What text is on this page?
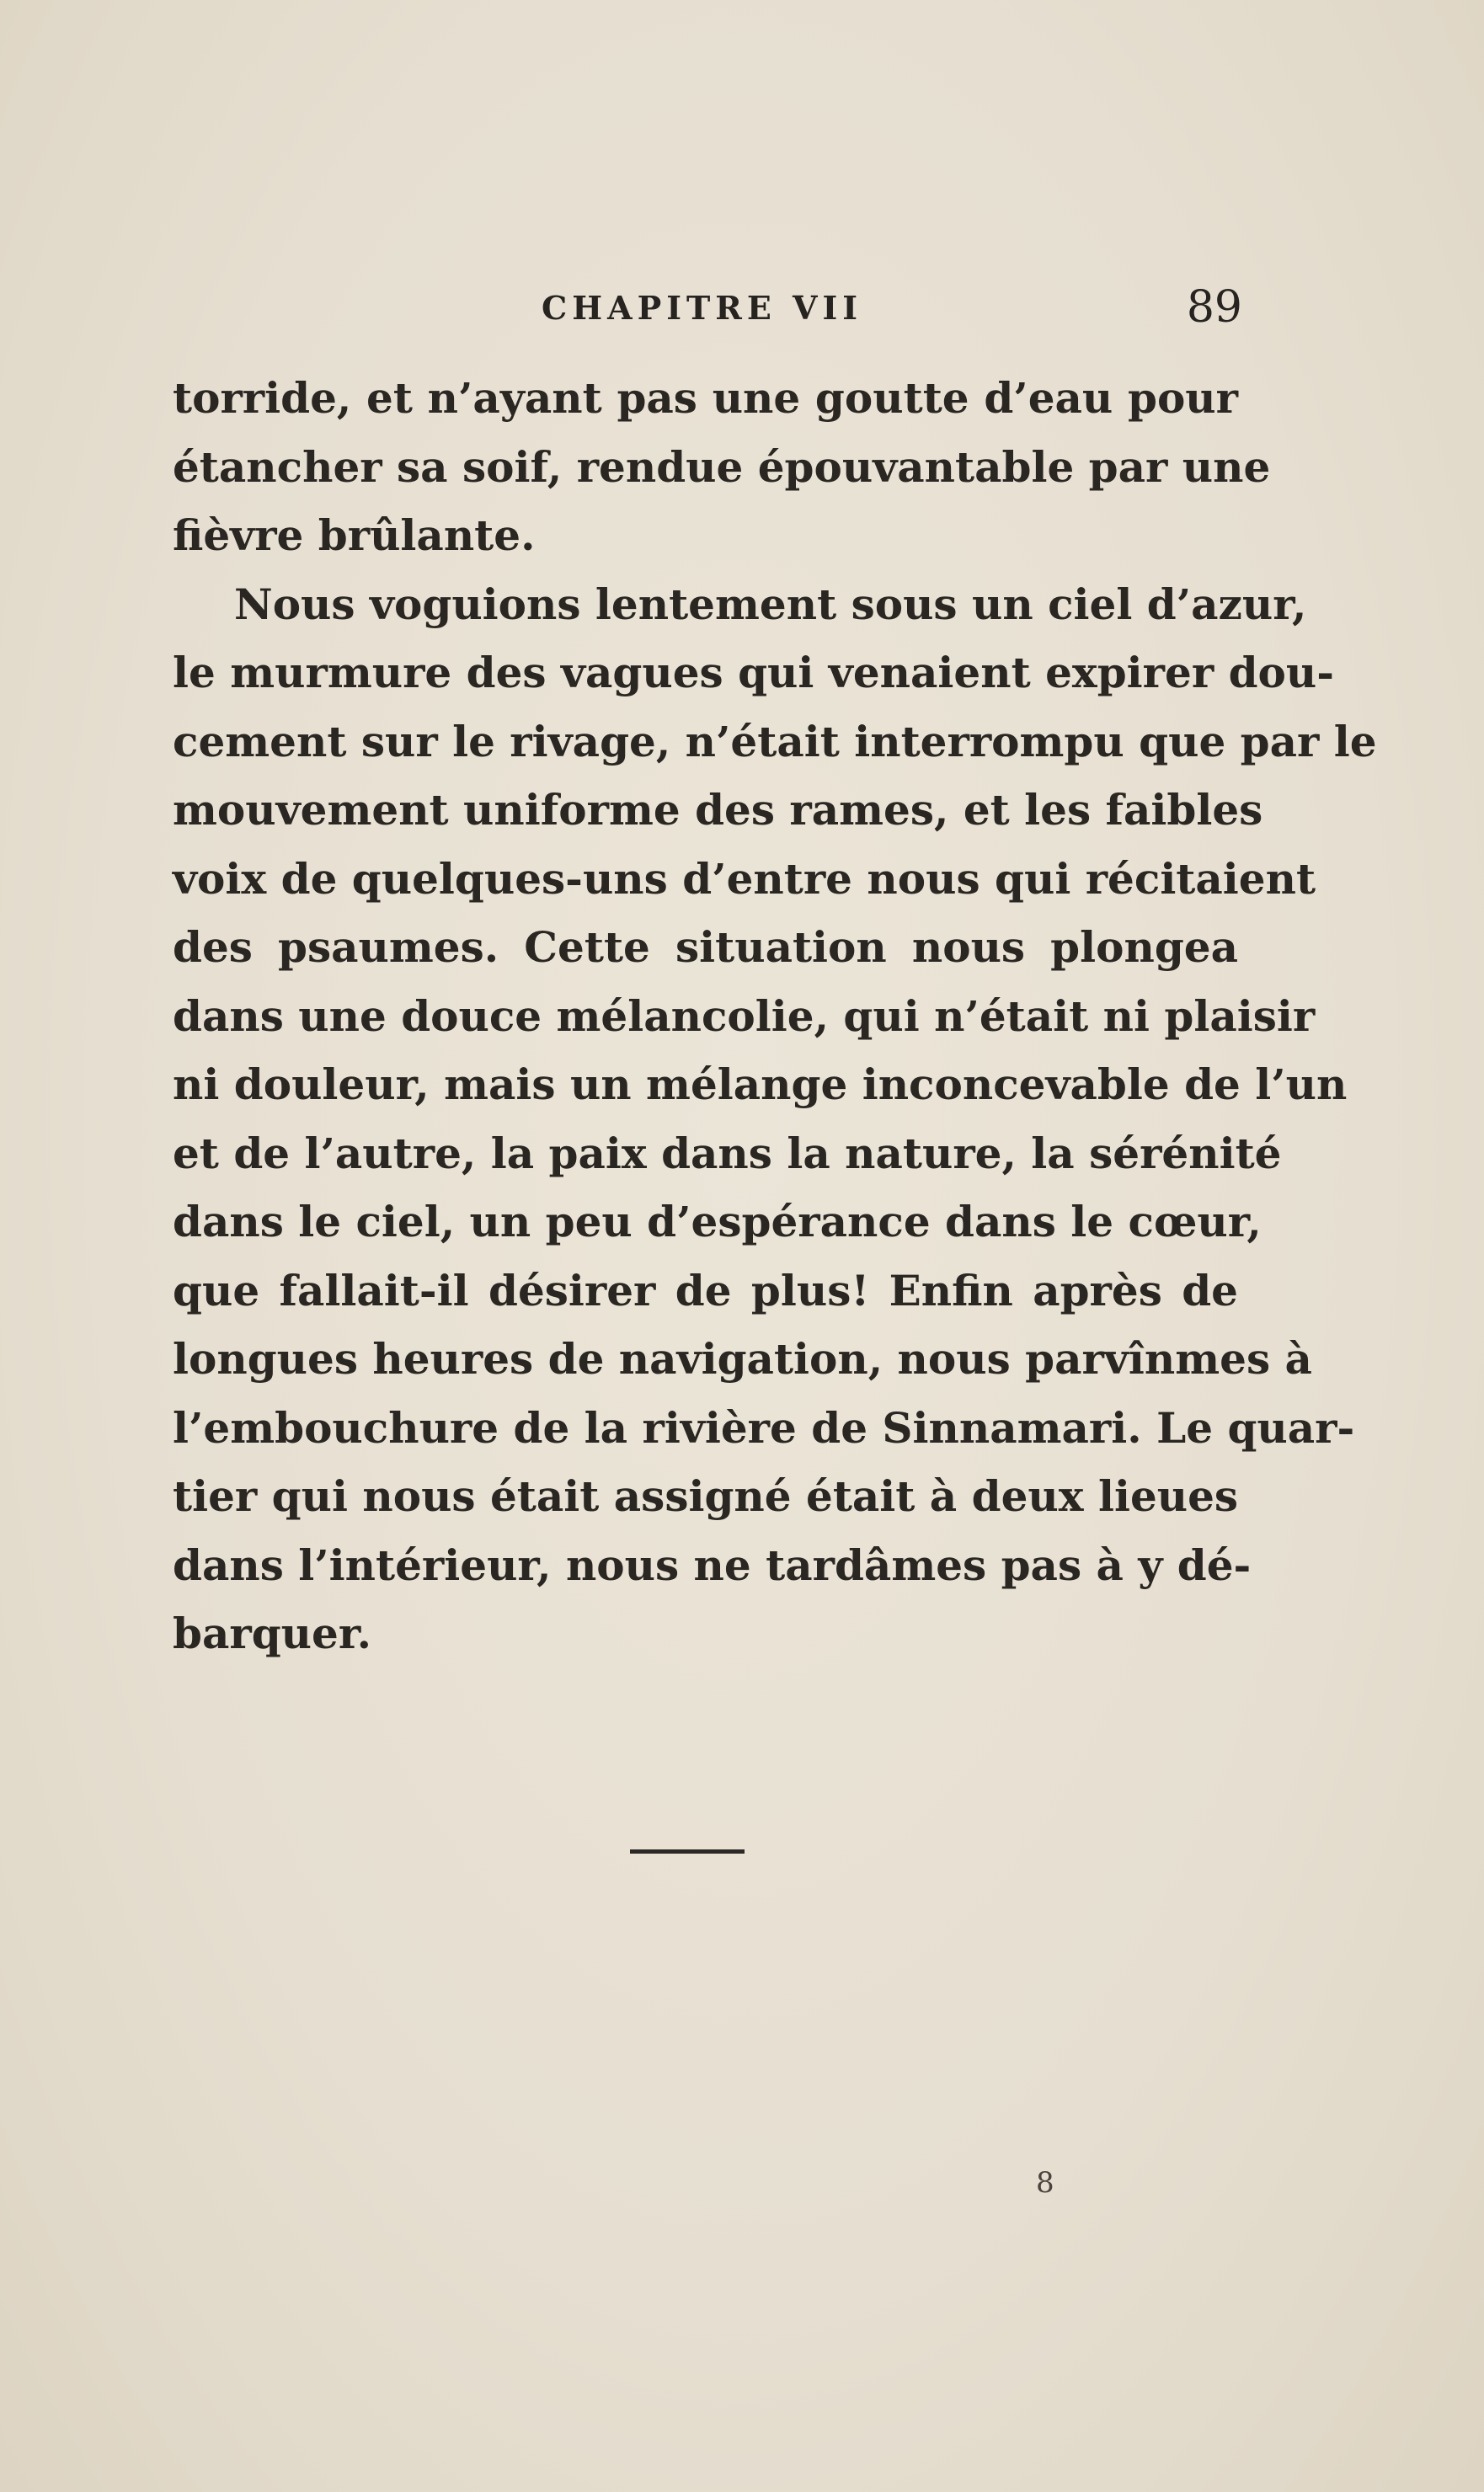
CHAPITRE VII	89
torride, et n’ayant pas une goutte d’eau pour
étancher sa soif, rendue épouvantable par une
fièvre brûlante.
Nous voguions lentement sous un ciel d’azur,
le murmure des vagues qui venaient expirer dou-
cement sur le rivage, n’était interrompu que par le
mouvement uniforme des rames, et les faibles
voix de quelques-uns d’entre nous qui récitaient
des psaumes. Cette situation nous plongea
dans une douce mélancolie, qui n’était ni plaisir
ni douleur, mais un mélange inconcevable de l’un
et de l’autre, la paix dans la nature, la sérénité
dans le ciel, un peu d’espérance dans le cœur,
que fallait-il désirer de plus! Enfin après de
longues heures de navigation, nous parvînmes à
l’embouchure de la rivière de Sinnamari. Le quar-
tier qui nous était assigné était à deux lieues
dans l’intérieur, nous ne tardâmes pas à y dé-
barquer.
8
